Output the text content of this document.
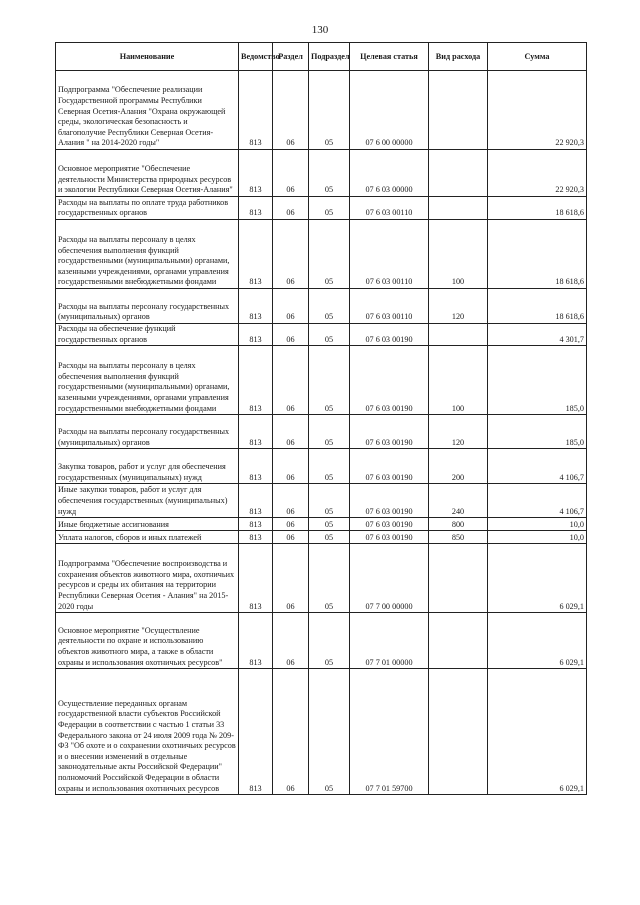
130
Наименование	Ведомство	Раздел	Подраздел	Целевая статья	Вид расхода	Сумма
Подпрограмма "Обеспечение реализации Государственной программы Республики Северная Осетия-Алания "Охрана окружающей среды, экологическая безопасность и благополучие Республики Северная Осетия-Алания " на 2014-2020 годы"	813	06	05	07 6 00 00000		22 920,3
Основное мероприятие "Обеспечение деятельности Министерства природных ресурсов и экологии Республики Северная Осетия-Алания"	813	06	05	07 6 03 00000		22 920,3
Расходы на выплаты по оплате труда работников государственных органов	813	06	05	07 6 03 00110		18 618,6
Расходы на выплаты персоналу в целях обеспечения выполнения функций государственными (муниципальными) органами, казенными учреждениями, органами управления государственными внебюджетными фондами	813	06	05	07 6 03 00110	100	18 618,6
Расходы на выплаты персоналу государственных (муниципальных) органов	813	06	05	07 6 03 00110	120	18 618,6
Расходы на обеспечение функций государственных органов	813	06	05	07 6 03 00190		4 301,7
Расходы на выплаты персоналу в целях обеспечения выполнения функций государственными (муниципальными) органами, казенными учреждениями, органами управления государственными внебюджетными фондами	813	06	05	07 6 03 00190	100	185,0
Расходы на выплаты персоналу государственных (муниципальных) органов	813	06	05	07 6 03 00190	120	185,0
Закупка товаров, работ и услуг для обеспечения государственных (муниципальных) нужд	813	06	05	07 6 03 00190	200	4 106,7
Иные закупки товаров, работ и услуг для обеспечения государственных (муниципальных) нужд	813	06	05	07 6 03 00190	240	4 106,7
Иные бюджетные ассигнования	813	06	05	07 6 03 00190	800	10,0
Уплата налогов, сборов и иных платежей	813	06	05	07 6 03 00190	850	10,0
Подпрограмма "Обеспечение воспроизводства и сохранения объектов животного мира, охотничьих ресурсов и среды их обитания на территории Республики Северная Осетия - Алания" на 2015-2020 годы	813	06	05	07 7 00 00000		6 029,1
Основное мероприятие "Осуществление деятельности по охране и использованию объектов животного мира, а также в области охраны и использования охотничьих ресурсов"	813	06	05	07 7 01 00000		6 029,1
Осуществление переданных органам государственной власти субъектов Российской Федерации в соответствии с частью 1 статьи 33 Федерального закона от 24 июля 2009 года № 209-ФЗ "Об охоте и о сохранении охотничьих ресурсов и о внесении изменений в отдельные законодательные акты Российской Федерации" полномочий Российской Федерации в области охраны и использования охотничьих ресурсов	813	06	05	07 7 01 59700		6 029,1
